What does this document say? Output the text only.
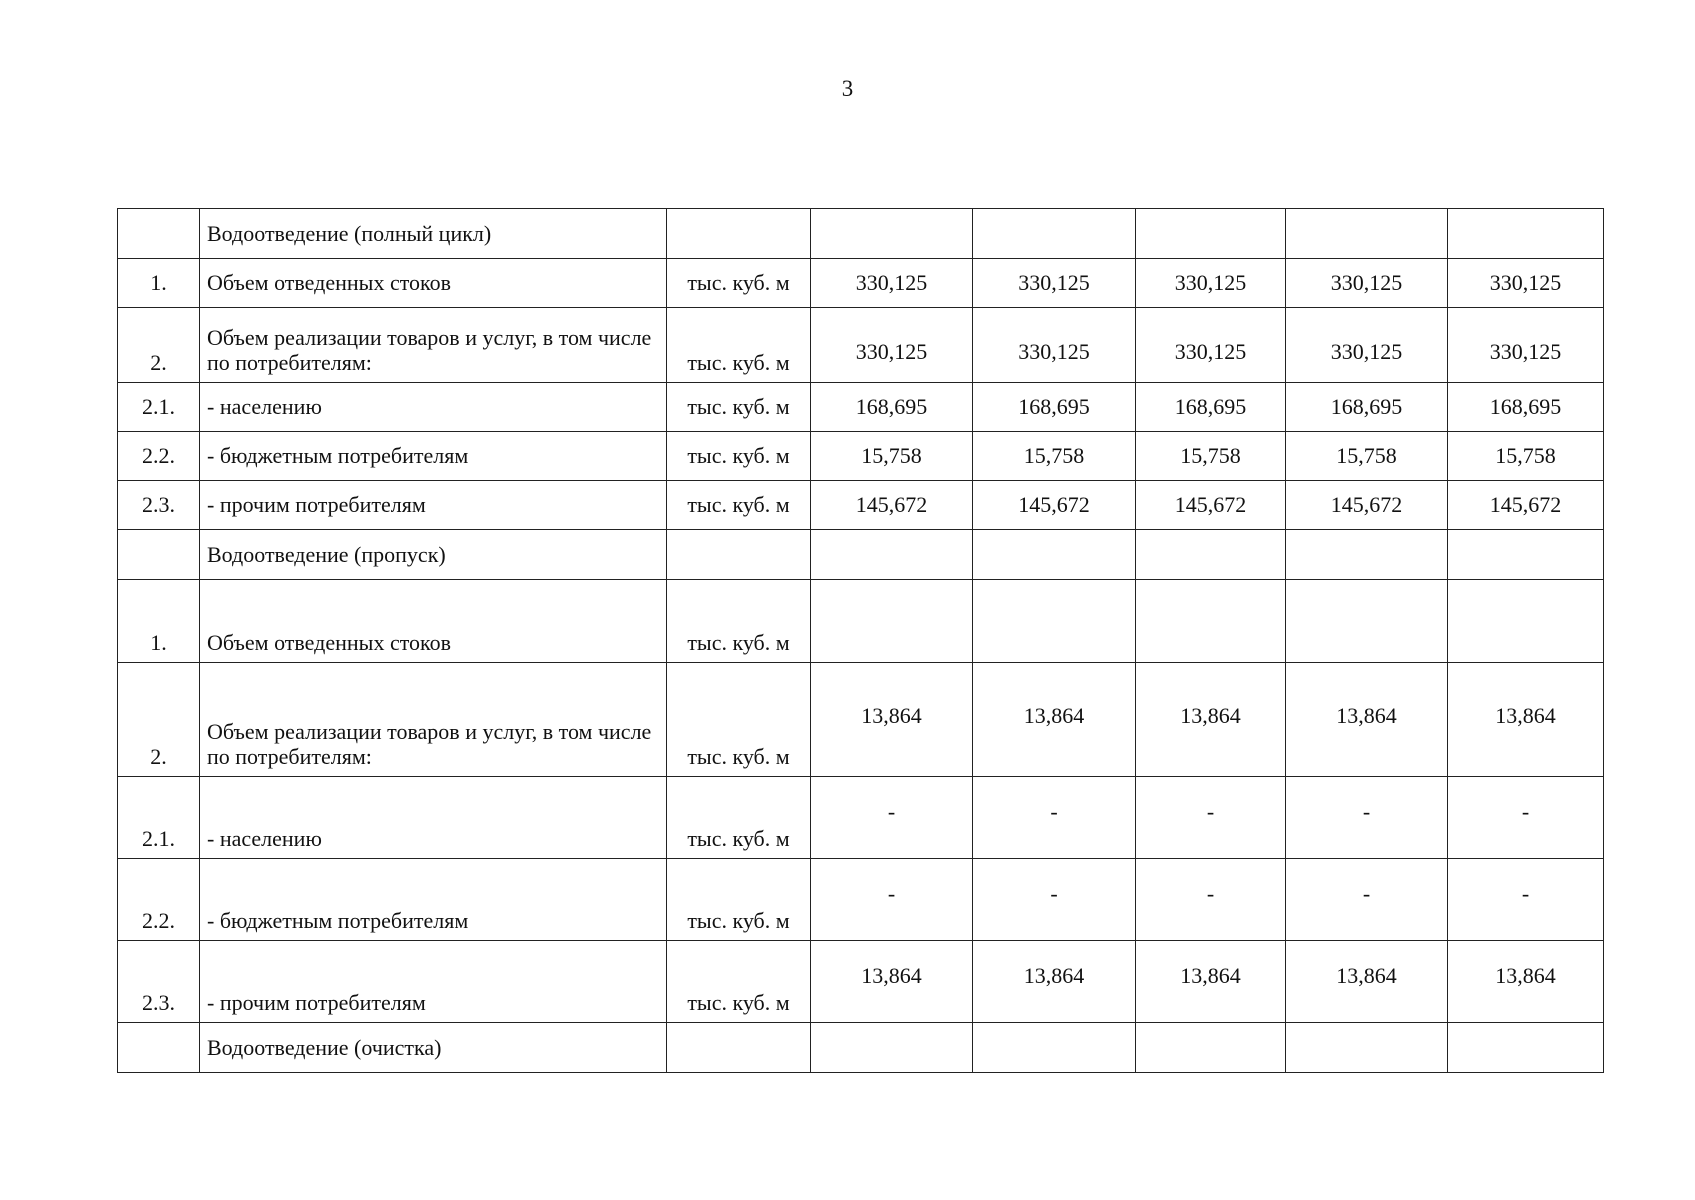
3
	Водоотведение (полный цикл)						
1.	Объем отведенных стоков	тыс. куб. м	330,125	330,125	330,125	330,125	330,125
2.	Объем реализации товаров и услуг, в том числе по потребителям:	тыс. куб. м	330,125	330,125	330,125	330,125	330,125
2.1.	- населению	тыс. куб. м	168,695	168,695	168,695	168,695	168,695
2.2.	- бюджетным потребителям	тыс. куб. м	15,758	15,758	15,758	15,758	15,758
2.3.	- прочим потребителям	тыс. куб. м	145,672	145,672	145,672	145,672	145,672
	Водоотведение (пропуск)						
1.	Объем отведенных стоков	тыс. куб. м					
2.	Объем реализации товаров и услуг, в том числе по потребителям:	тыс. куб. м	13,864	13,864	13,864	13,864	13,864
2.1.	- населению	тыс. куб. м	-	-	-	-	-
2.2.	- бюджетным потребителям	тыс. куб. м	-	-	-	-	-
2.3.	- прочим потребителям	тыс. куб. м	13,864	13,864	13,864	13,864	13,864
	Водоотведение (очистка)						
